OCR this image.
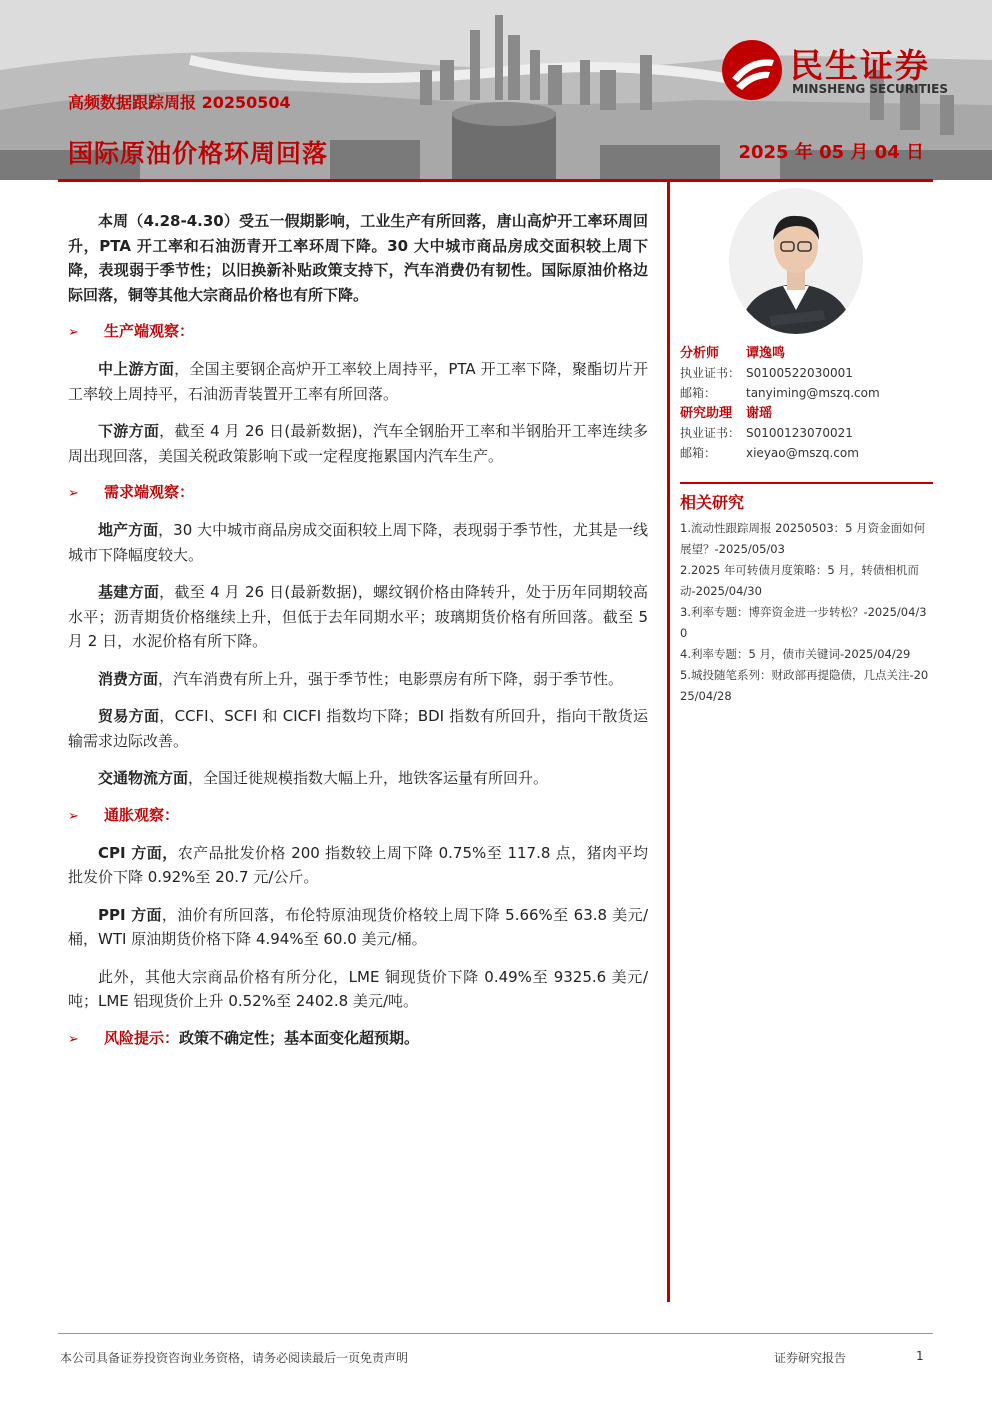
高频数据跟踪周报 20250504
国际原油价格环周回落	2025 年 05 月 04 日
民生证券
MINSHENG SECURITIES

本周（4.28-4.30）受五一假期影响，工业生产有所回落，唐山高炉开工率环周回升，PTA 开工率和石油沥青开工率环周下降。30 大中城市商品房成交面积较上周下降，表现弱于季节性；以旧换新补贴政策支持下，汽车消费仍有韧性。国际原油价格边际回落，铜等其他大宗商品价格也有所下降。

➢ 生产端观察：

中上游方面，全国主要钢企高炉开工率较上周持平，PTA 开工率下降，聚酯切片开工率较上周持平，石油沥青装置开工率有所回落。

下游方面，截至 4 月 26 日(最新数据)，汽车全钢胎开工率和半钢胎开工率连续多周出现回落，美国关税政策影响下或一定程度拖累国内汽车生产。

➢ 需求端观察：

地产方面，30 大中城市商品房成交面积较上周下降，表现弱于季节性，尤其是一线城市下降幅度较大。

基建方面，截至 4 月 26 日(最新数据)，螺纹钢价格由降转升，处于历年同期较高水平；沥青期货价格继续上升，但低于去年同期水平；玻璃期货价格有所回落。截至 5 月 2 日，水泥价格有所下降。

消费方面，汽车消费有所上升，强于季节性；电影票房有所下降，弱于季节性。

贸易方面，CCFI、SCFI 和 CICFI 指数均下降；BDI 指数有所回升，指向干散货运输需求边际改善。

交通物流方面，全国迁徙规模指数大幅上升，地铁客运量有所回升。

➢ 通胀观察：

CPI 方面，农产品批发价格 200 指数较上周下降 0.75%至 117.8 点，猪肉平均批发价下降 0.92%至 20.7 元/公斤。

PPI 方面，油价有所回落，布伦特原油现货价格较上周下降 5.66%至 63.8 美元/桶，WTI 原油期货价格下降 4.94%至 60.0 美元/桶。

此外，其他大宗商品价格有所分化，LME 铜现货价下降 0.49%至 9325.6 美元/吨；LME 铝现货价上升 0.52%至 2402.8 美元/吨。

➢ 风险提示：政策不确定性；基本面变化超预期。
分析师 谭逸鸣
执业证书： S0100522030001
邮箱： tanyiming@mszq.com
研究助理 谢瑶
执业证书： S0100123070021
邮箱： xieyao@mszq.com
相关研究
1.流动性跟踪周报 20250503：5 月资金面如何展望？-2025/05/03
2.2025 年可转债月度策略：5 月，转债相机而动-2025/04/30
3.利率专题：博弈资金进一步转松？-2025/04/30
4.利率专题：5 月，债市关键词-2025/04/29
5.城投随笔系列：财政部再提隐债，几点关注-2025/04/28
本公司具备证券投资咨询业务资格，请务必阅读最后一页免责声明	证券研究报告	1
